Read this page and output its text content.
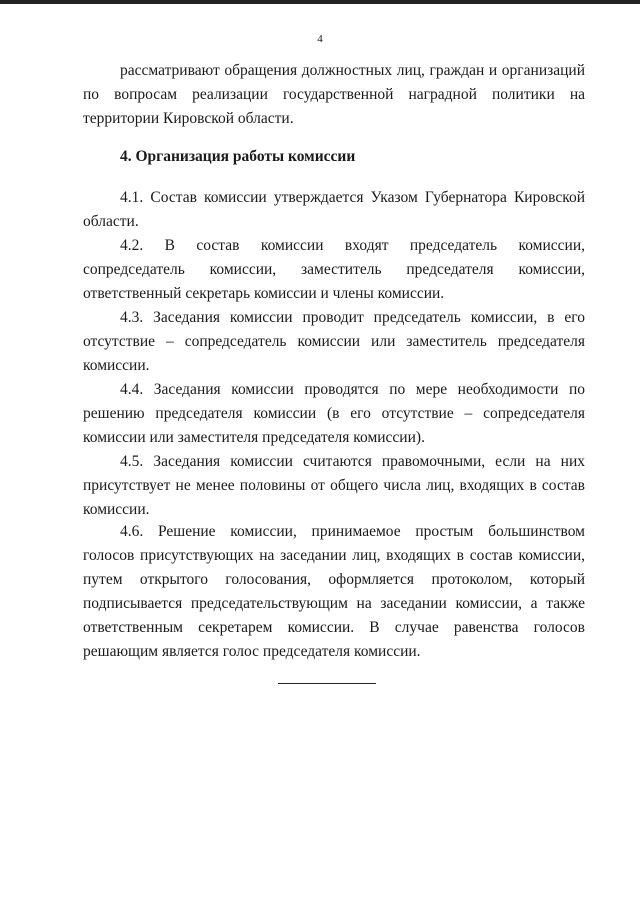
4

рассматривают обращения должностных лиц, граждан и организаций по вопросам реализации государственной наградной политики на территории Кировской области.

4. Организация работы комиссии

4.1. Состав комиссии утверждается Указом Губернатора Кировской области.

4.2. В состав комиссии входят председатель комиссии, сопредседатель комиссии, заместитель председателя комиссии, ответственный секретарь комиссии и члены комиссии.

4.3. Заседания комиссии проводит председатель комиссии, в его отсутствие – сопредседатель комиссии или заместитель председателя комиссии.

4.4. Заседания комиссии проводятся по мере необходимости по решению председателя комиссии (в его отсутствие – сопредседателя комиссии или заместителя председателя комиссии).

4.5. Заседания комиссии считаются правомочными, если на них присутствует не менее половины от общего числа лиц, входящих в состав комиссии.

4.6. Решение комиссии, принимаемое простым большинством голосов присутствующих на заседании лиц, входящих в состав комиссии, путем открытого голосования, оформляется протоколом, который подписывается председательствующим на заседании комиссии, а также ответственным секретарем комиссии. В случае равенства голосов решающим является голос председателя комиссии.
